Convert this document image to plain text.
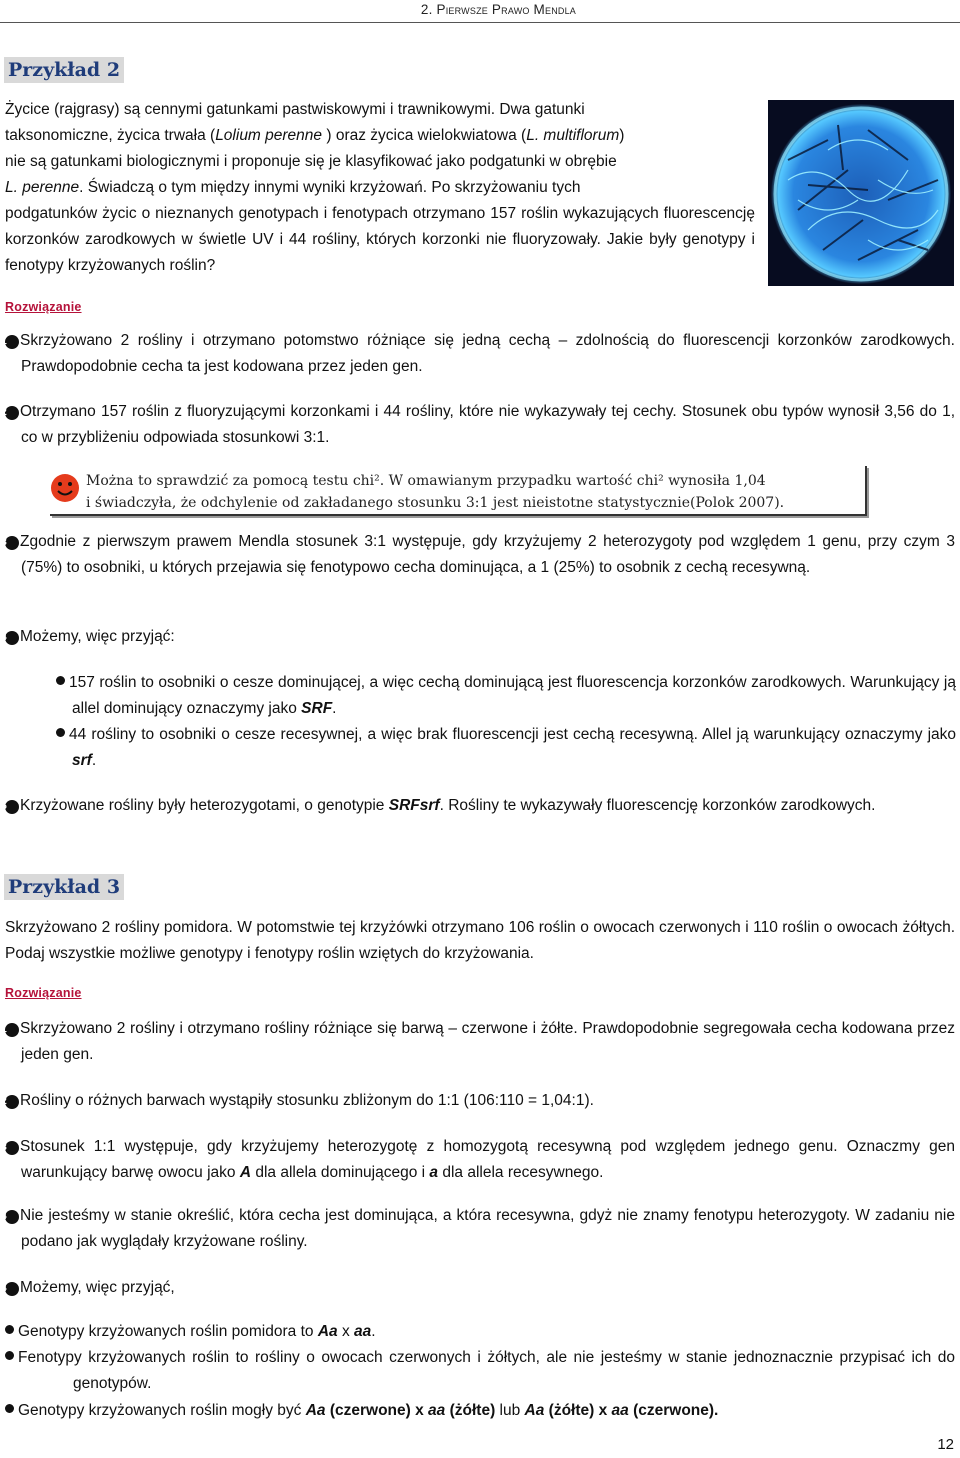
2. Pierwsze Prawo Mendla
Przykład 2
Życice (rajgrasy) są cennymi gatunkami pastwiskowymi i trawnikowymi. Dwa gatunki
taksonomiczne, życica trwała (Lolium perenne ) oraz życica wielokwiatowa (L. multiflorum)
nie są gatunkami biologicznymi i proponuje się je klasyfikować jako podgatunki w obrębie
L. perenne. Świadczą o tym między innymi wyniki krzyżowań. Po skrzyżowaniu tych
podgatunków życic o nieznanych genotypach i fenotypach otrzymano 157 roślin wykazujących fluorescencję korzonków zarodkowych w świetle UV i 44 rośliny, których korzonki nie fluoryzowały. Jakie były genotypy i fenotypy krzyżowanych roślin?
Rozwiązanie
1 Skrzyżowano 2 rośliny i otrzymano potomstwo różniące się jedną cechą – zdolnością do fluorescencji korzonków zarodkowych. Prawdopodobnie cecha ta jest kodowana przez jeden gen.
2 Otrzymano 157 roślin z fluoryzującymi korzonkami i 44 rośliny, które nie wykazywały tej cechy. Stosunek obu typów wynosił 3,56 do 1, co w przybliżeniu odpowiada stosunkowi 3:1.
Można to sprawdzić za pomocą testu chi². W omawianym przypadku wartość chi² wynosiła 1,04
i świadczyła, że odchylenie od zakładanego stosunku 3:1 jest nieistotne statystycznie(Polok 2007).
3 Zgodnie z pierwszym prawem Mendla stosunek 3:1 występuje, gdy krzyżujemy 2 heterozygoty pod względem 1 genu, przy czym 3 (75%) to osobniki, u których przejawia się fenotypowo cecha dominująca, a 1 (25%) to osobnik z cechą recesywną.
4 Możemy, więc przyjąć:
157 roślin to osobniki o cesze dominującej, a więc cechą dominującą jest fluorescencja korzonków zarodkowych. Warunkujący ją allel dominujący oznaczymy jako SRF.
44 rośliny to osobniki o cesze recesywnej, a więc brak fluorescencji jest cechą recesywną. Allel ją warunkujący oznaczymy jako srf.
5 Krzyżowane rośliny były heterozygotami, o genotypie SRFsrf. Rośliny te wykazywały fluorescencję korzonków zarodkowych.
Przykład 3
Skrzyżowano 2 rośliny pomidora. W potomstwie tej krzyżówki otrzymano 106 roślin o owocach czerwonych i 110 roślin o owocach żółtych. Podaj wszystkie możliwe genotypy i fenotypy roślin wziętych do krzyżowania.
Rozwiązanie
1 Skrzyżowano 2 rośliny i otrzymano rośliny różniące się barwą – czerwone i żółte. Prawdopodobnie segregowała cecha kodowana przez jeden gen.
2 Rośliny o różnych barwach wystąpiły stosunku zbliżonym do 1:1 (106:110 = 1,04:1).
3 Stosunek 1:1 występuje, gdy krzyżujemy heterozygotę z homozygotą recesywną pod względem jednego genu. Oznaczmy gen warunkujący barwę owocu jako A dla allela dominującego i a dla allela recesywnego.
4 Nie jesteśmy w stanie określić, która cecha jest dominująca, a która recesywna, gdyż nie znamy fenotypu heterozygoty. W zadaniu nie podano jak wyglądały krzyżowane rośliny.
4 Możemy, więc przyjąć,
Genotypy krzyżowanych roślin pomidora to Aa x aa.
Fenotypy krzyżowanych roślin to rośliny o owocach czerwonych i żółtych, ale nie jesteśmy w stanie jednoznacznie przypisać ich do genotypów.
Genotypy krzyżowanych roślin mogły być Aa (czerwone) x aa (żółte) lub Aa (żółte) x aa (czerwone).
12
